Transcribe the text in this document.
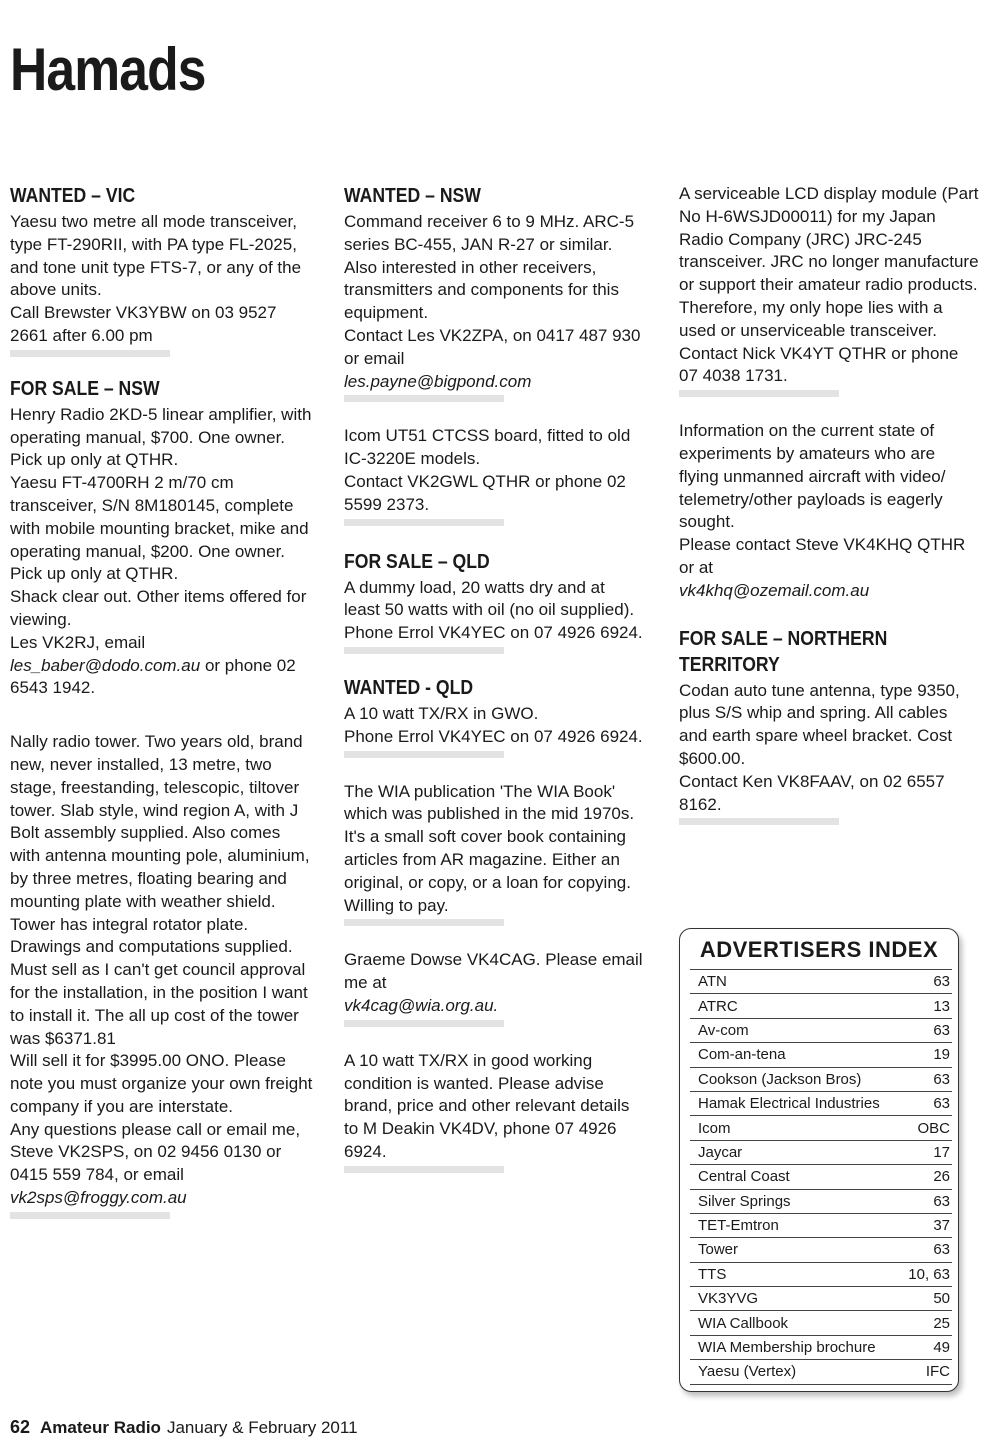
Hamads
WANTED – VIC

Yaesu two metre all mode transceiver, type FT-290RII, with PA type FL-2025, and tone unit type FTS-7, or any of the above units.

Call Brewster VK3YBW on 03 9527 2661 after 6.00 pm

FOR SALE – NSW

Henry Radio 2KD-5 linear amplifier, with operating manual, $700. One owner. Pick up only at QTHR.

Yaesu FT-4700RH 2 m/70 cm transceiver, S/N 8M180145, complete with mobile mounting bracket, mike and operating manual, $200. One owner. Pick up only at QTHR.

Shack clear out. Other items offered for viewing.

Les VK2RJ, email les_baber@dodo.com.au or phone 02 6543 1942.

Nally radio tower. Two years old, brand new, never installed, 13 metre, two stage, freestanding, telescopic, tiltover tower. Slab style, wind region A, with J Bolt assembly supplied. Also comes with antenna mounting pole, aluminium, by three metres, floating bearing and mounting plate with weather shield. Tower has integral rotator plate. Drawings and computations supplied.

Must sell as I can't get council approval for the installation, in the position I want to install it. The all up cost of the tower was $6371.81

Will sell it for $3995.00 ONO. Please note you must organize your own freight company if you are interstate.

Any questions please call or email me, Steve VK2SPS, on 02 9456 0130 or 0415 559 784, or email

vk2sps@froggy.com.au

WANTED – NSW

Command receiver 6 to 9 MHz. ARC-5 series BC-455, JAN R-27 or similar.

Also interested in other receivers, transmitters and components for this equipment.

Contact Les VK2ZPA, on 0417 487 930 or email

les.payne@bigpond.com

Icom UT51 CTCSS board, fitted to old IC-3220E models.

Contact VK2GWL QTHR or phone 02 5599 2373.

FOR SALE – QLD

A dummy load, 20 watts dry and at least 50 watts with oil (no oil supplied).

Phone Errol VK4YEC on 07 4926 6924.

WANTED - QLD

A 10 watt TX/RX in GWO.

Phone Errol VK4YEC on 07 4926 6924.

The WIA publication 'The WIA Book' which was published in the mid 1970s. It's a small soft cover book containing articles from AR magazine. Either an original, or copy, or a loan for copying. Willing to pay.

Graeme Dowse VK4CAG. Please email me at

vk4cag@wia.org.au.

A 10 watt TX/RX in good working condition is wanted. Please advise brand, price and other relevant details to M Deakin VK4DV, phone 07 4926 6924.

A serviceable LCD display module (Part No H-6WSJD00011) for my Japan Radio Company (JRC) JRC-245 transceiver. JRC no longer manufacture or support their amateur radio products. Therefore, my only hope lies with a used or unserviceable transceiver.

Contact Nick VK4YT QTHR or phone 07 4038 1731.

Information on the current state of experiments by amateurs who are flying unmanned aircraft with video/ telemetry/other payloads is eagerly sought.

Please contact Steve VK4KHQ QTHR or at

vk4khq@ozemail.com.au

FOR SALE – NORTHERN TERRITORY

Codan auto tune antenna, type 9350, plus S/S whip and spring. All cables and earth spare wheel bracket. Cost $600.00.

Contact Ken VK8FAAV, on 02 6557 8162.

ADVERTISERS INDEX
ATN	63
ATRC	13
Av-com	63
Com-an-tena	19
Cookson (Jackson Bros)	63
Hamak Electrical Industries	63
Icom	OBC
Jaycar	17
Central Coast	26
Silver Springs	63
TET-Emtron	37
Tower	63
TTS	10, 63
VK3YVG	50
WIA Callbook	25
WIA Membership brochure	49
Yaesu (Vertex)	IFC
62 Amateur Radio January & February 2011
